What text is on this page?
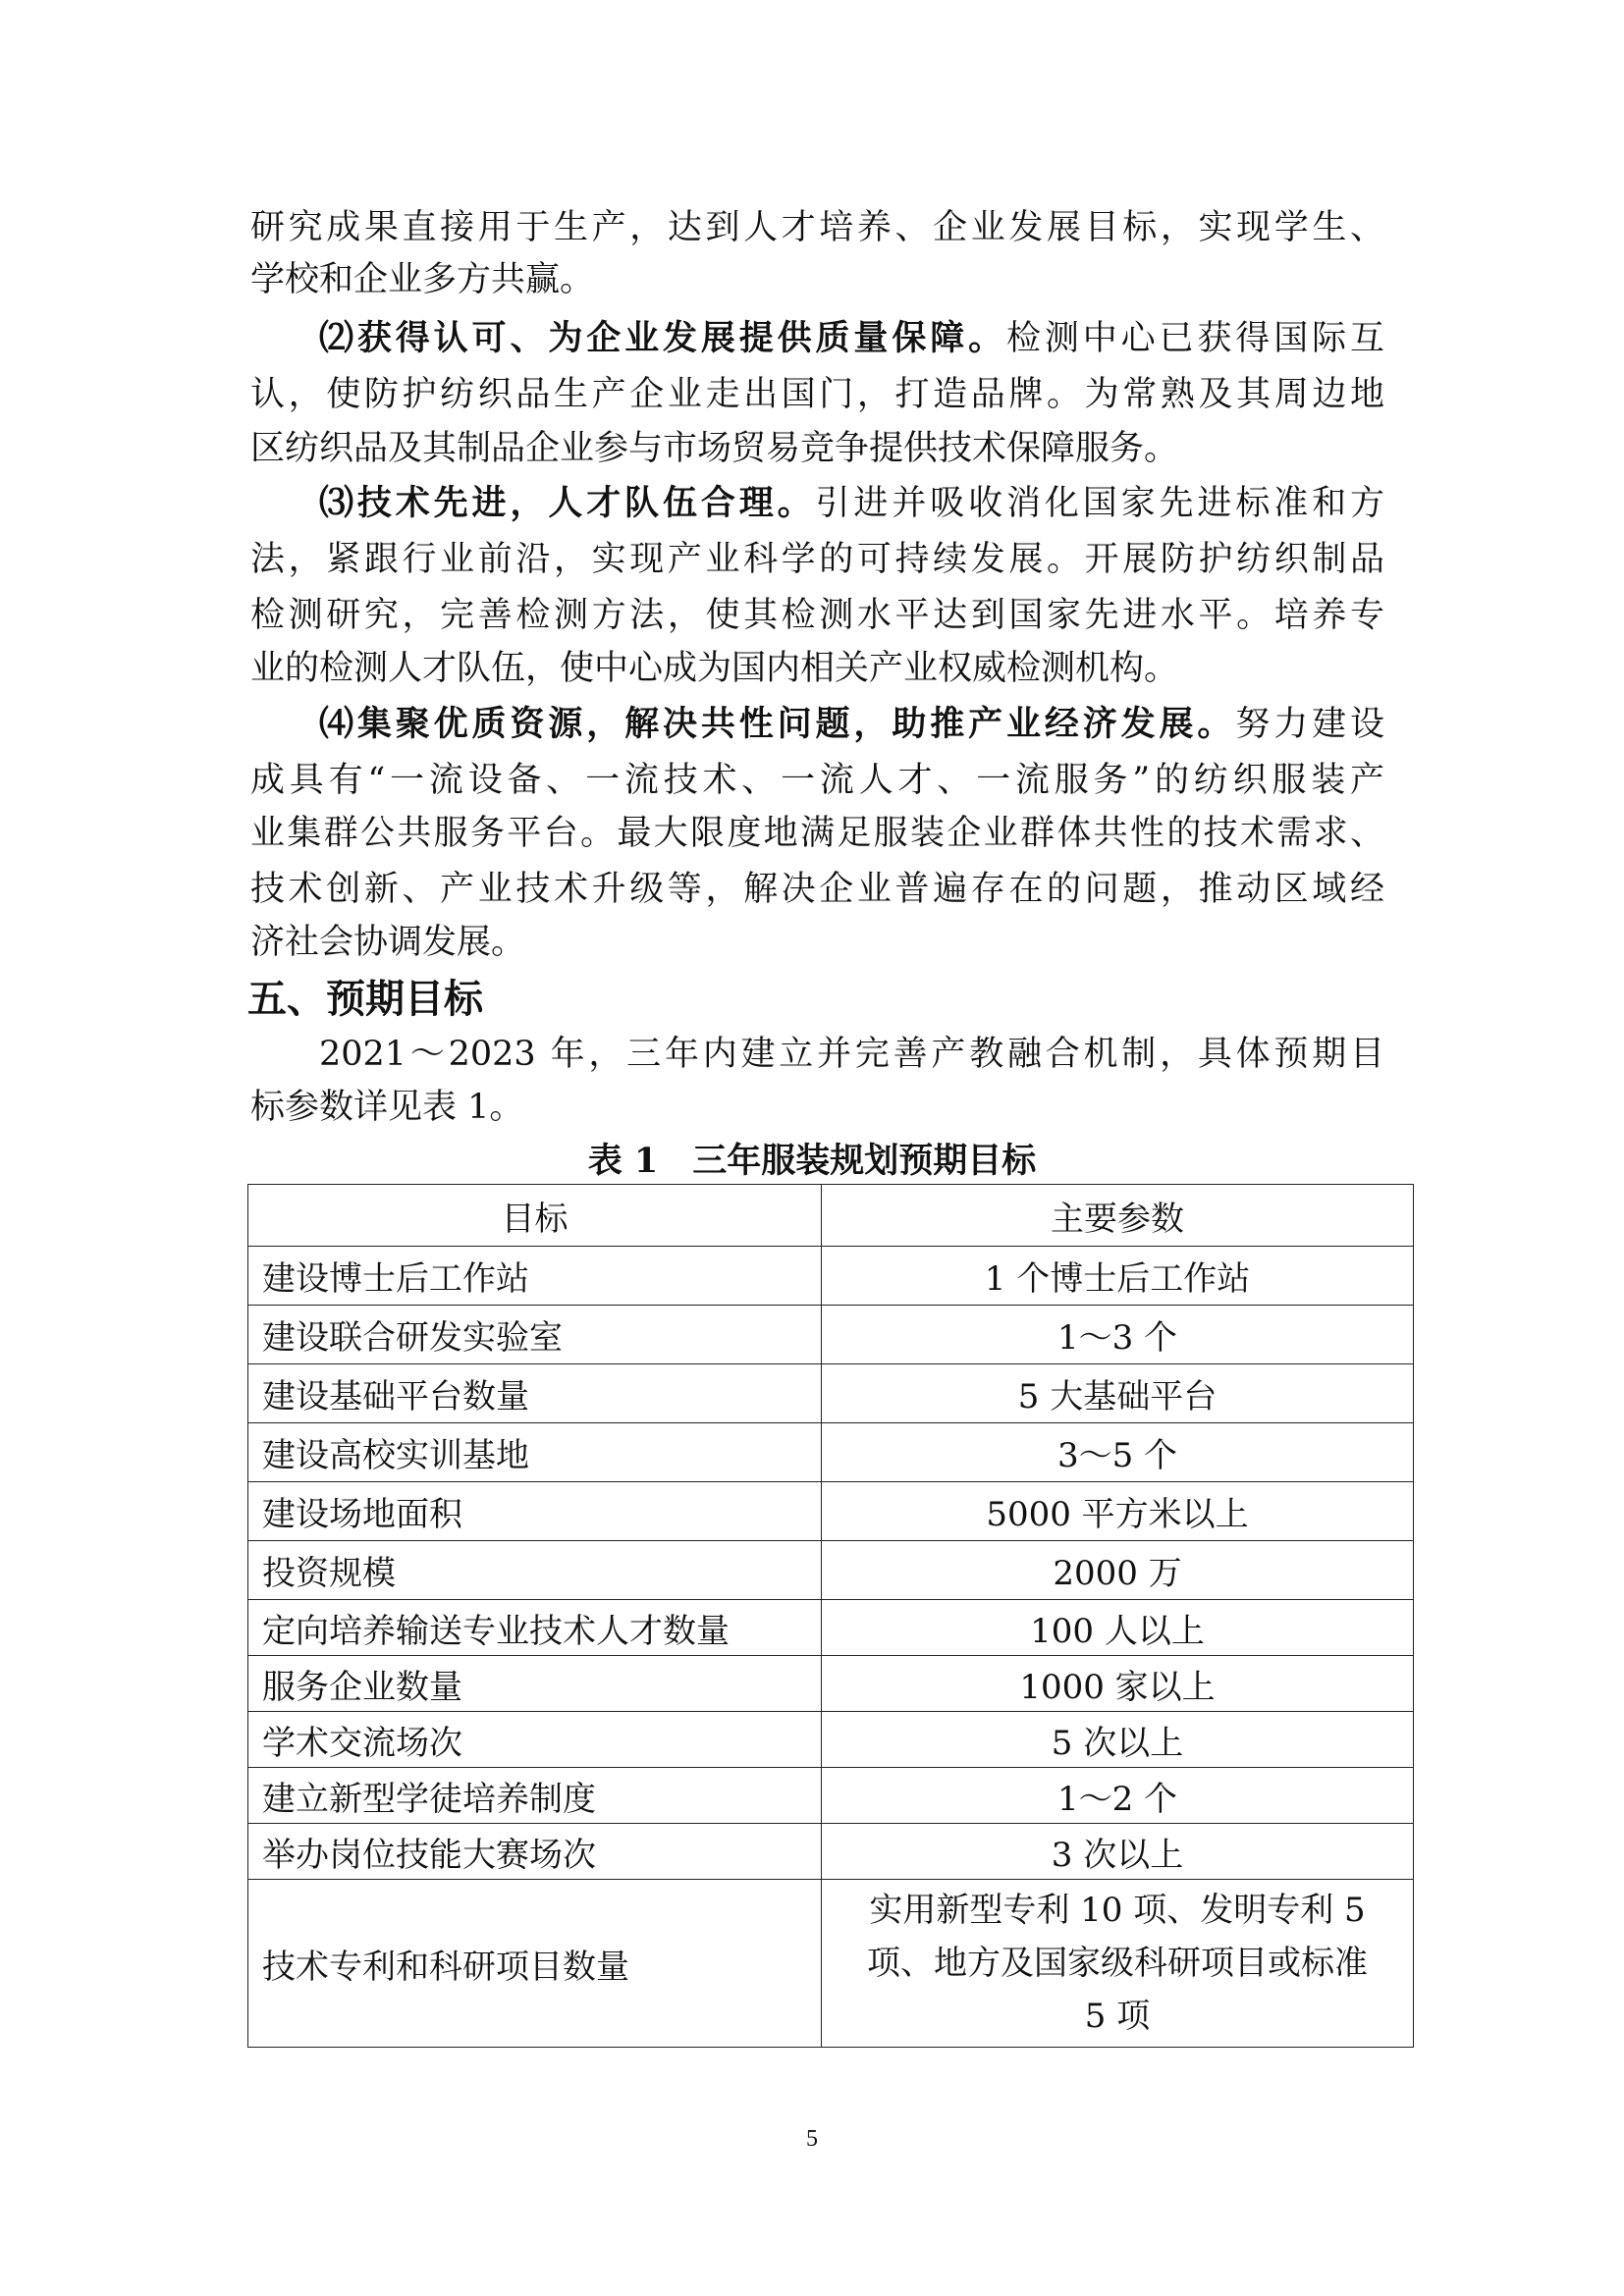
研究成果直接用于生产，达到人才培养、企业发展目标，实现学生、
学校和企业多方共赢。
⑵获得认可、为企业发展提供质量保障。检测中心已获得国际互
认，使防护纺织品生产企业走出国门，打造品牌。为常熟及其周边地
区纺织品及其制品企业参与市场贸易竞争提供技术保障服务。
⑶技术先进，人才队伍合理。引进并吸收消化国家先进标准和方
法，紧跟行业前沿，实现产业科学的可持续发展。开展防护纺织制品
检测研究，完善检测方法，使其检测水平达到国家先进水平。培养专
业的检测人才队伍，使中心成为国内相关产业权威检测机构。
⑷集聚优质资源，解决共性问题，助推产业经济发展。努力建设
成具有“一流设备、一流技术、一流人才、一流服务”的纺织服装产
业集群公共服务平台。最大限度地满足服装企业群体共性的技术需求、
技术创新、产业技术升级等，解决企业普遍存在的问题，推动区域经
济社会协调发展。
五、预期目标
2021～2023 年，三年内建立并完善产教融合机制，具体预期目
标参数详见表 1。
表 1　三年服装规划预期目标
目标	主要参数
建设博士后工作站	1 个博士后工作站
建设联合研发实验室	1～3 个
建设基础平台数量	5 大基础平台
建设高校实训基地	3～5 个
建设场地面积	5000 平方米以上
投资规模	2000 万
定向培养输送专业技术人才数量	100 人以上
服务企业数量	1000 家以上
学术交流场次	5 次以上
建立新型学徒培养制度	1～2 个
举办岗位技能大赛场次	3 次以上
技术专利和科研项目数量	实用新型专利 10 项、发明专利 5
项、地方及国家级科研项目或标准
5 项
5
